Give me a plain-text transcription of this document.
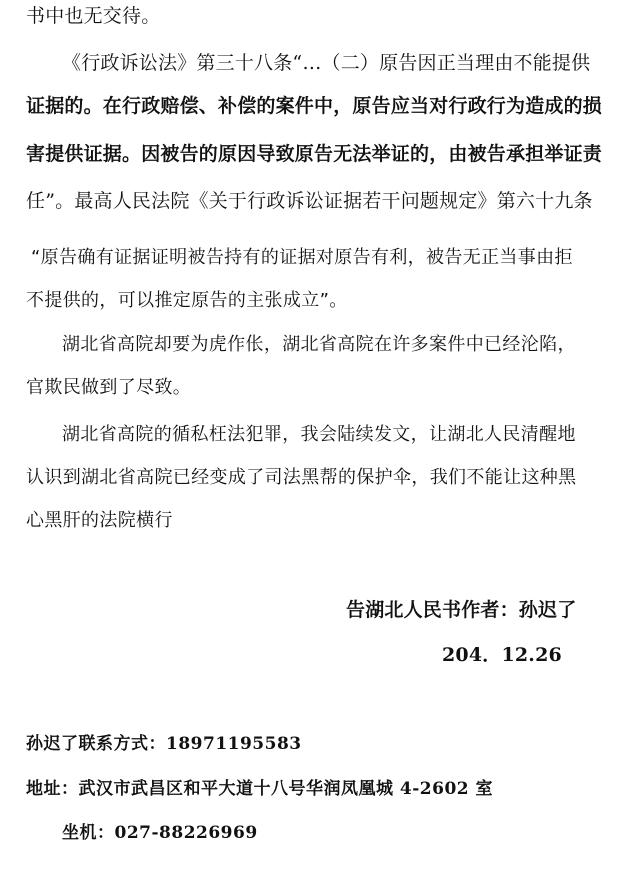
书中也无交待。
《行政诉讼法》第三十八条“…（二）原告因正当理由不能提供
证据的。在行政赔偿、补偿的案件中，原告应当对行政行为造成的损
害提供证据。因被告的原因导致原告无法举证的，由被告承担举证责
任”。最高人民法院《关于行政诉讼证据若干问题规定》第六十九条
“原告确有证据证明被告持有的证据对原告有利，被告无正当事由拒
不提供的，可以推定原告的主张成立”。
湖北省高院却要为虎作伥，湖北省高院在许多案件中已经沦陷，
官欺民做到了尽致。
湖北省高院的循私枉法犯罪，我会陆续发文，让湖北人民清醒地
认识到湖北省高院已经变成了司法黑帮的保护伞，我们不能让这种黑
心黑肝的法院横行
告湖北人民书作者：孙迟了
204．12.26
孙迟了联系方式：18971195583
地址：武汉市武昌区和平大道十八号华润凤凰城 4-2602 室
坐机：027-88226969
